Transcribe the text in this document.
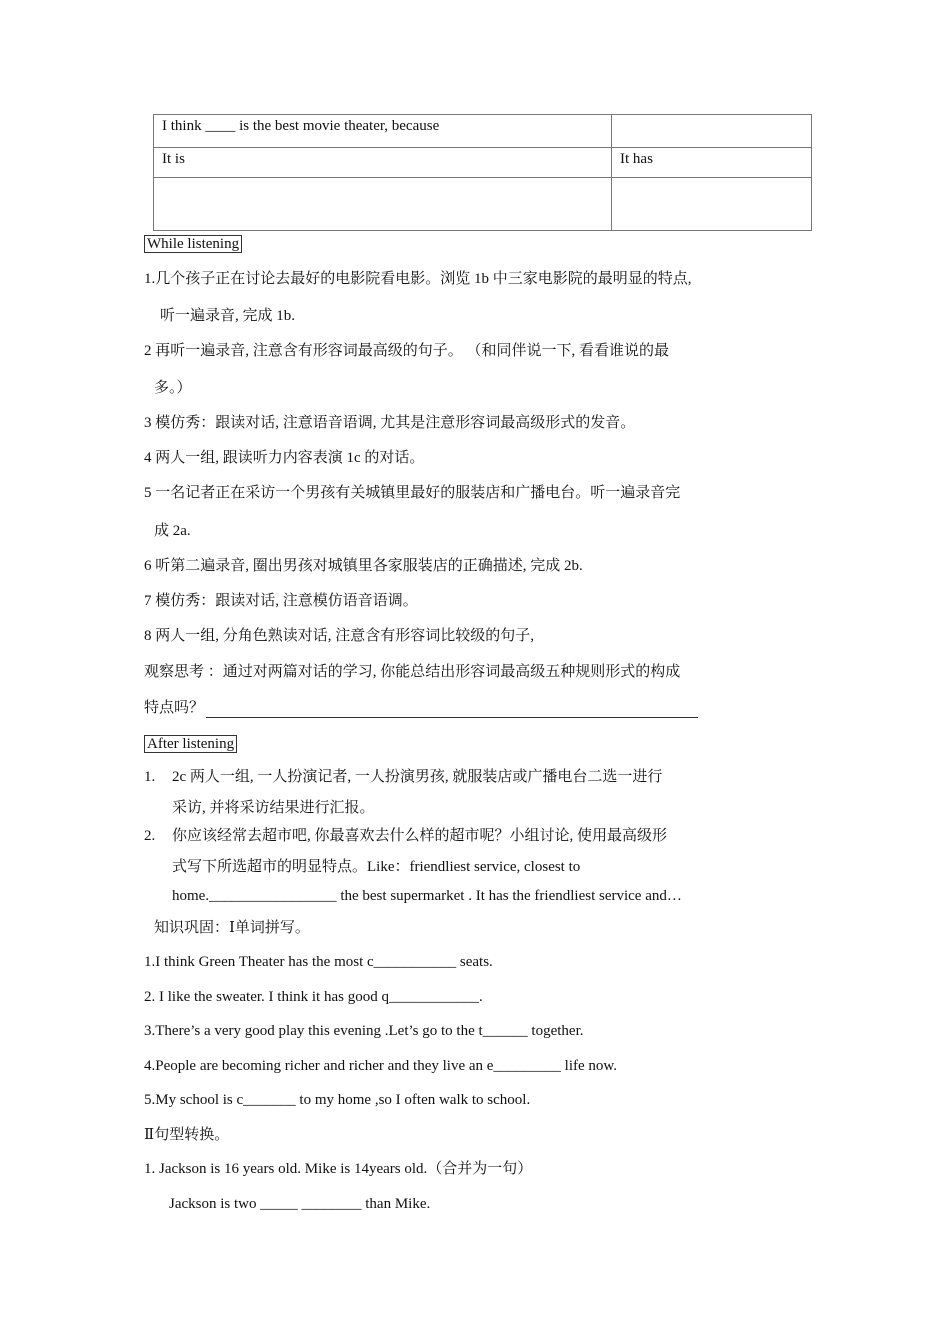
I think ____ is the best movie theater, because	
It is	It has

While listening
1.几个孩子正在讨论去最好的电影院看电影。浏览 1b 中三家电影院的最明显的特点,
听一遍录音, 完成 1b.
2 再听一遍录音, 注意含有形容词最高级的句子。 （和同伴说一下, 看看谁说的最
多。）
3 模仿秀：跟读对话, 注意语音语调, 尤其是注意形容词最高级形式的发音。
4 两人一组, 跟读听力内容表演 1c 的对话。
5 一名记者正在采访一个男孩有关城镇里最好的服装店和广播电台。听一遍录音完
成 2a.
6 听第二遍录音, 圈出男孩对城镇里各家服装店的正确描述, 完成 2b.
7 模仿秀：跟读对话, 注意模仿语音语调。
8 两人一组, 分角色熟读对话, 注意含有形容词比较级的句子,
观察思考 ：通过对两篇对话的学习, 你能总结出形容词最高级五种规则形式的构成
特点吗？
After listening
1. 2c 两人一组, 一人扮演记者, 一人扮演男孩, 就服装店或广播电台二选一进行
采访, 并将采访结果进行汇报。
2. 你应该经常去超市吧, 你最喜欢去什么样的超市呢？小组讨论, 使用最高级形
式写下所选超市的明显特点。Like：friendliest service, closest to
home._________________ the best supermarket . It has the friendliest service and…
知识巩固：Ⅰ单词拼写。
1.I think Green Theater has the most c___________ seats.
2. I like the sweater. I think it has good q____________.
3.There’s a very good play this evening .Let’s go to the t______ together.
4.People are becoming richer and richer and they live an e_________ life now.
5.My school is c_______ to my home ,so I often walk to school.
Ⅱ句型转换。
1. Jackson is 16 years old. Mike is 14years old.（合并为一句）
Jackson is two _____ ________ than Mike.
